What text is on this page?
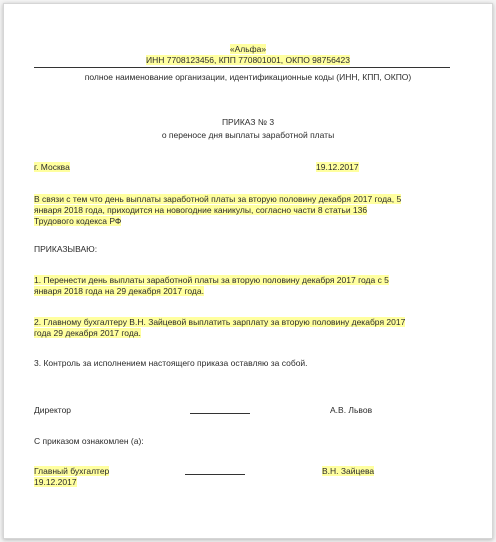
«Альфа»
ИНН 7708123456, КПП 770801001, ОКПО 98756423
полное наименование организации, идентификационные коды (ИНН, КПП, ОКПО)
ПРИКАЗ № 3
о переносе дня выплаты заработной платы
г. Москва	19.12.2017
В связи с тем что день выплаты заработной платы за вторую половину декабря 2017 года, 5
января 2018 года, приходится на новогодние каникулы, согласно части 8 статьи 136
Трудового кодекса РФ
ПРИКАЗЫВАЮ:
1. Перенести день выплаты заработной платы за вторую половину декабря 2017 года с 5
января 2018 года на 29 декабря 2017 года.
2. Главному бухгалтеру В.Н. Зайцевой выплатить зарплату за вторую половину декабря 2017
года 29 декабря 2017 года.
3. Контроль за исполнением настоящего приказа оставляю за собой.
Директор	А.В. Львов
С приказом ознакомлен (а):
Главный бухгалтер	В.Н. Зайцева
19.12.2017
